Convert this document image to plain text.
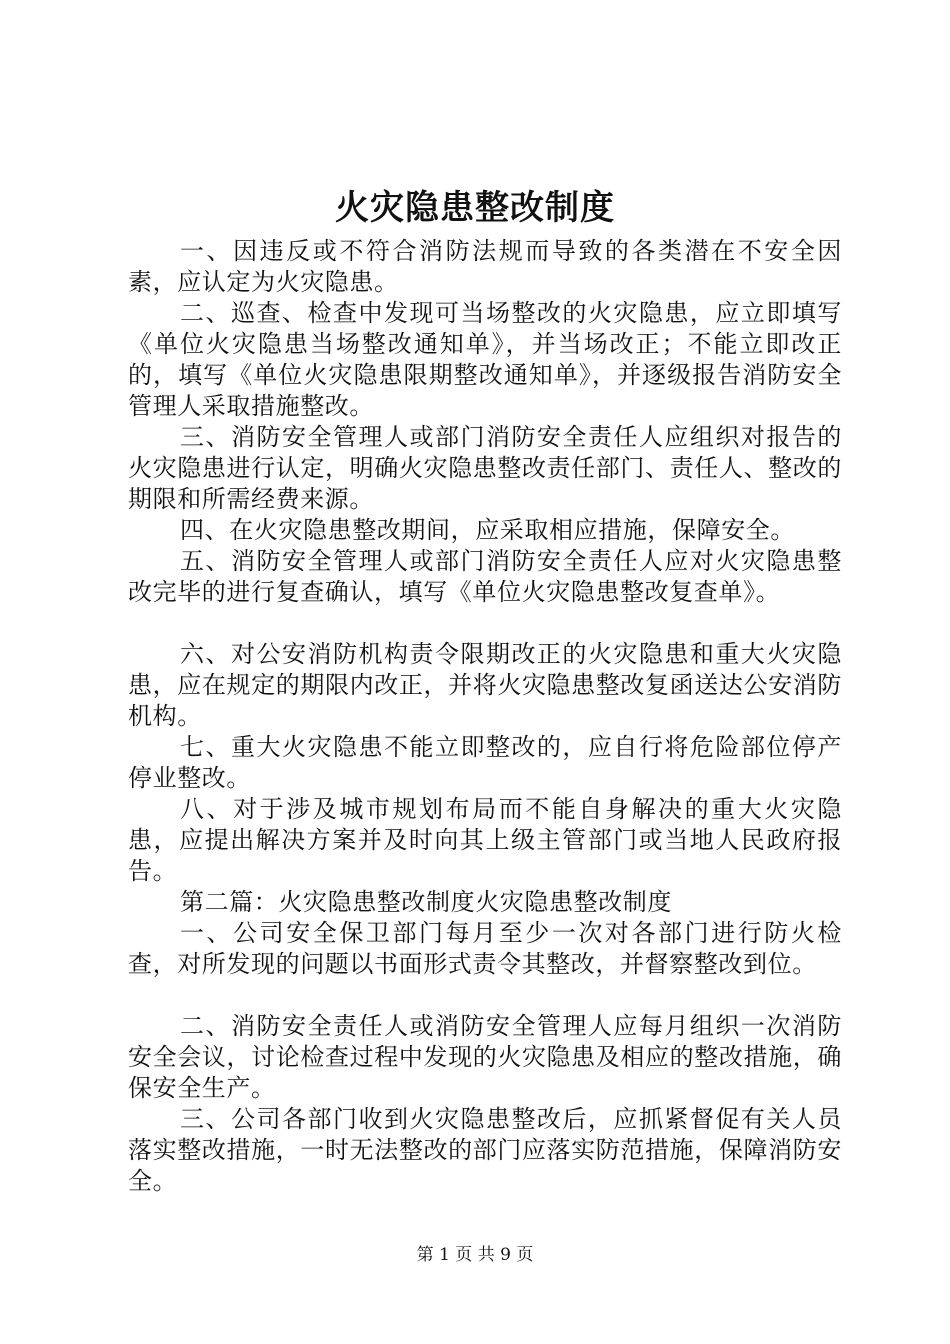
火灾隐患整改制度

一、因违反或不符合消防法规而导致的各类潜在不安全因素，应认定为火灾隐患。

二、巡查、检查中发现可当场整改的火灾隐患，应立即填写《单位火灾隐患当场整改通知单》，并当场改正；不能立即改正的，填写《单位火灾隐患限期整改通知单》，并逐级报告消防安全管理人采取措施整改。

三、消防安全管理人或部门消防安全责任人应组织对报告的火灾隐患进行认定，明确火灾隐患整改责任部门、责任人、整改的期限和所需经费来源。

四、在火灾隐患整改期间，应采取相应措施，保障安全。

五、消防安全管理人或部门消防安全责任人应对火灾隐患整改完毕的进行复查确认，填写《单位火灾隐患整改复查单》。

六、对公安消防机构责令限期改正的火灾隐患和重大火灾隐患，应在规定的期限内改正，并将火灾隐患整改复函送达公安消防机构。

七、重大火灾隐患不能立即整改的，应自行将危险部位停产停业整改。

八、对于涉及城市规划布局而不能自身解决的重大火灾隐患，应提出解决方案并及时向其上级主管部门或当地人民政府报告。

第二篇：火灾隐患整改制度火灾隐患整改制度

一、公司安全保卫部门每月至少一次对各部门进行防火检查，对所发现的问题以书面形式责令其整改，并督察整改到位。

二、消防安全责任人或消防安全管理人应每月组织一次消防安全会议，讨论检查过程中发现的火灾隐患及相应的整改措施，确保安全生产。

三、公司各部门收到火灾隐患整改后，应抓紧督促有关人员落实整改措施，一时无法整改的部门应落实防范措施，保障消防安全。

第 1 页 共 9 页
